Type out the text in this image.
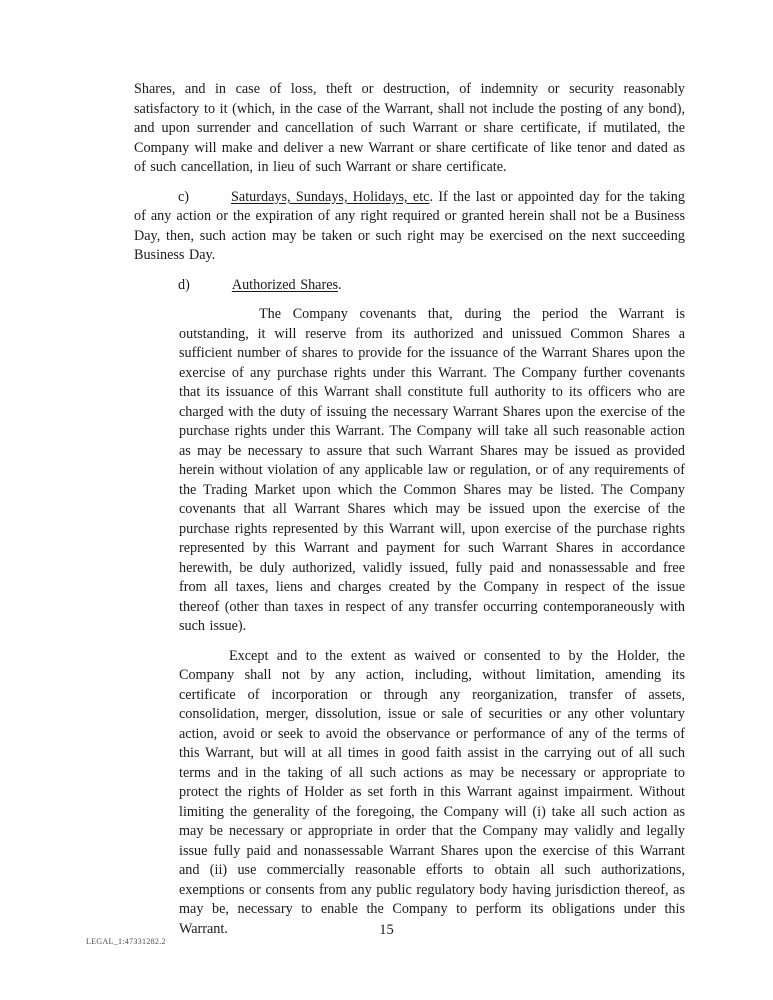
Shares, and in case of loss, theft or destruction, of indemnity or security reasonably satisfactory to it (which, in the case of the Warrant, shall not include the posting of any bond), and upon surrender and cancellation of such Warrant or share certificate, if mutilated, the Company will make and deliver a new Warrant or share certificate of like tenor and dated as of such cancellation, in lieu of such Warrant or share certificate.

c)	Saturdays, Sundays, Holidays, etc. If the last or appointed day for the taking of any action or the expiration of any right required or granted herein shall not be a Business Day, then, such action may be taken or such right may be exercised on the next succeeding Business Day.

d)	Authorized Shares.

The Company covenants that, during the period the Warrant is outstanding, it will reserve from its authorized and unissued Common Shares a sufficient number of shares to provide for the issuance of the Warrant Shares upon the exercise of any purchase rights under this Warrant. The Company further covenants that its issuance of this Warrant shall constitute full authority to its officers who are charged with the duty of issuing the necessary Warrant Shares upon the exercise of the purchase rights under this Warrant. The Company will take all such reasonable action as may be necessary to assure that such Warrant Shares may be issued as provided herein without violation of any applicable law or regulation, or of any requirements of the Trading Market upon which the Common Shares may be listed. The Company covenants that all Warrant Shares which may be issued upon the exercise of the purchase rights represented by this Warrant will, upon exercise of the purchase rights represented by this Warrant and payment for such Warrant Shares in accordance herewith, be duly authorized, validly issued, fully paid and nonassessable and free from all taxes, liens and charges created by the Company in respect of the issue thereof (other than taxes in respect of any transfer occurring contemporaneously with such issue).

Except and to the extent as waived or consented to by the Holder, the Company shall not by any action, including, without limitation, amending its certificate of incorporation or through any reorganization, transfer of assets, consolidation, merger, dissolution, issue or sale of securities or any other voluntary action, avoid or seek to avoid the observance or performance of any of the terms of this Warrant, but will at all times in good faith assist in the carrying out of all such terms and in the taking of all such actions as may be necessary or appropriate to protect the rights of Holder as set forth in this Warrant against impairment. Without limiting the generality of the foregoing, the Company will (i) take all such action as may be necessary or appropriate in order that the Company may validly and legally issue fully paid and nonassessable Warrant Shares upon the exercise of this Warrant and (ii) use commercially reasonable efforts to obtain all such authorizations, exemptions or consents from any public regulatory body having jurisdiction thereof, as may be, necessary to enable the Company to perform its obligations under this Warrant.	15
LEGAL_1:47331282.2
